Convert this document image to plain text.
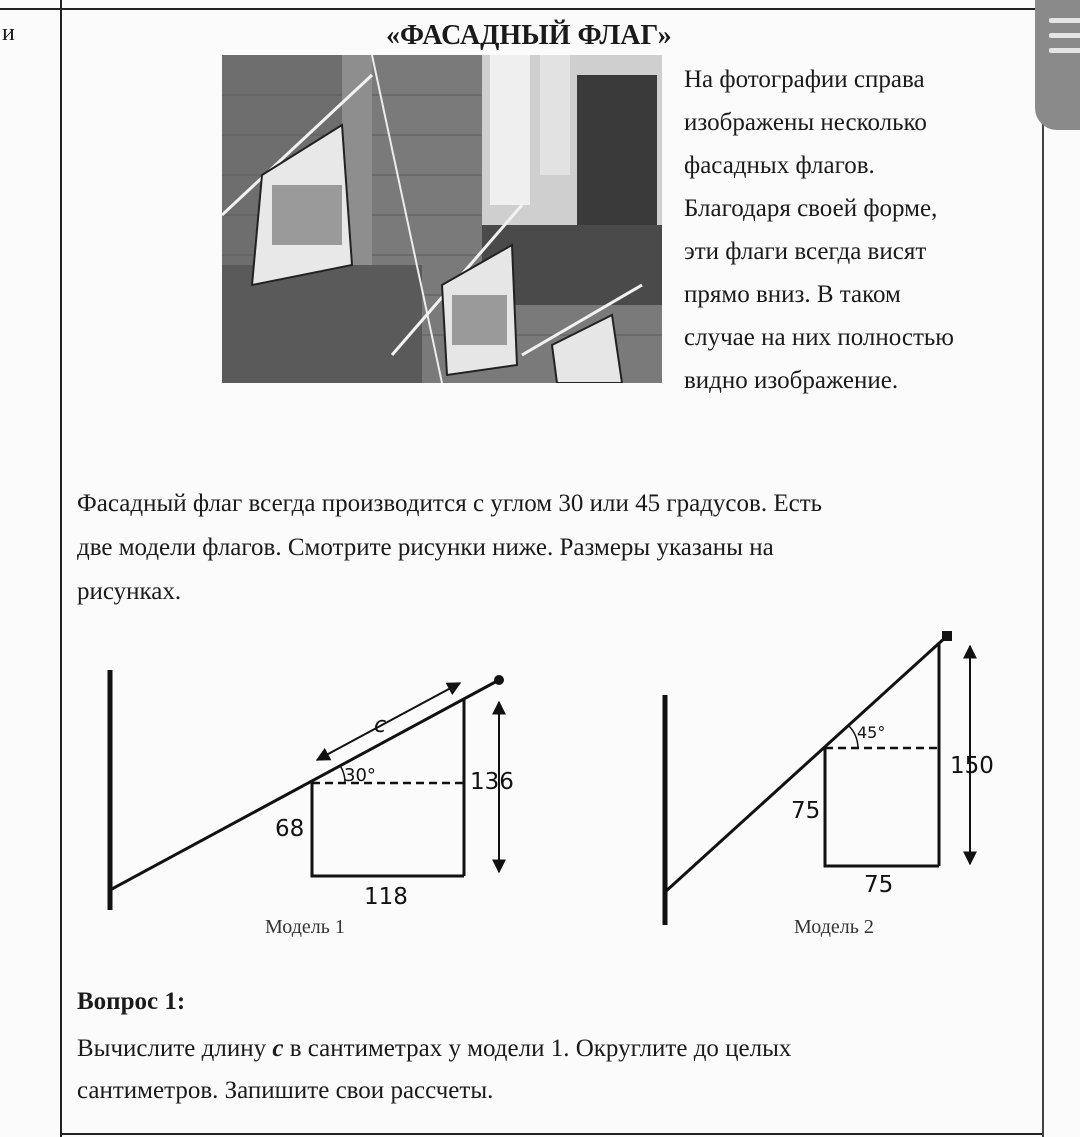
и	«ФАСАДНЫЙ ФЛАГ»
На фотографии справа
изображены несколько
фасадных флагов.
Благодаря своей форме,
эти флаги всегда висят
прямо вниз. В таком
случае на них полностью
видно изображение.
Фасадный флаг всегда производится с углом 30 или 45 градусов. Есть
две модели флагов. Смотрите рисунки ниже. Размеры указаны на
рисунках.
c
30°	136
68
118
Модель 1
45°
150
75
75
Модель 2
Вопрос 1:
Вычислите длину c в сантиметрах у модели 1. Округлите до целых
сантиметров. Запишите свои рассчеты.
